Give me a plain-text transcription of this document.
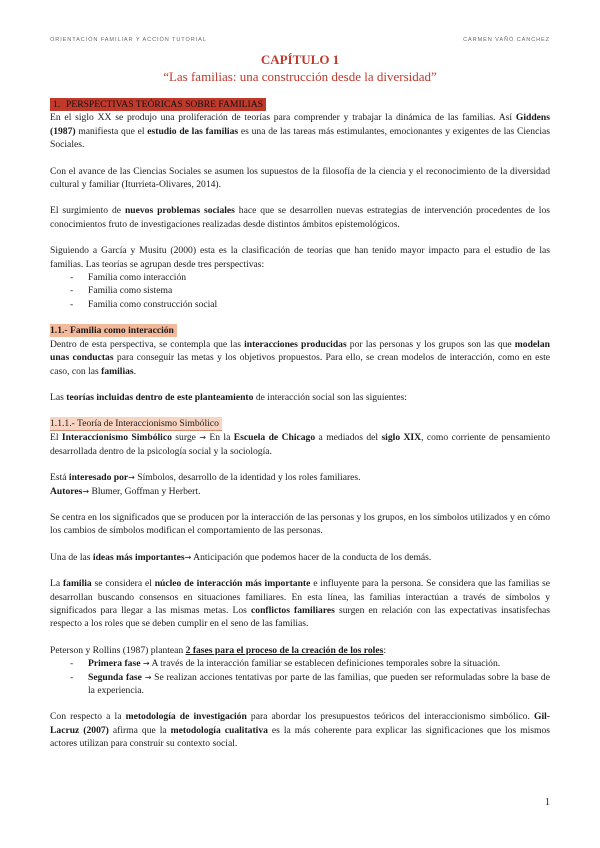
ORIENTACIÓN FAMILIAR Y ACCIÓN TUTORIAL	CARMEN VAÑÓ CÁNCHEZ

CAPÍTULO 1

“Las familias: una construcción desde la diversidad”

1. PERSPECTIVAS TEÓRICAS SOBRE FAMILIAS

En el siglo XX se produjo una proliferación de teorías para comprender y trabajar la dinámica de las familias. Así Giddens (1987) manifiesta que el estudio de las familias es una de las tareas más estimulantes, emocionantes y exigentes de las Ciencias Sociales.

Con el avance de las Ciencias Sociales se asumen los supuestos de la filosofía de la ciencia y el reconocimiento de la diversidad cultural y familiar (Iturrieta-Olivares, 2014).

El surgimiento de nuevos problemas sociales hace que se desarrollen nuevas estrategias de intervención procedentes de los conocimientos fruto de investigaciones realizadas desde distintos ámbitos epistemológicos.

Siguiendo a García y Musitu (2000) esta es la clasificación de teorías que han tenido mayor impacto para el estudio de las familias. Las teorías se agrupan desde tres perspectivas:

- Familia como interacción
- Familia como sistema
- Familia como construcción social
1.1.- Familia como interacción

Dentro de esta perspectiva, se contempla que las interacciones producidas por las personas y los grupos son las que modelan unas conductas para conseguir las metas y los objetivos propuestos. Para ello, se crean modelos de interacción, como en este caso, con las familias.

Las teorías incluidas dentro de este planteamiento de interacción social son las siguientes:

1.1.1.- Teoría de Interaccionismo Simbólico

El Interaccionismo Simbólico surge → En la Escuela de Chicago a mediados del siglo XIX, como corriente de pensamiento desarrollada dentro de la psicología social y la sociología.

Está interesado por→ Símbolos, desarrollo de la identidad y los roles familiares.
Autores→ Blumer, Goffman y Herbert.

Se centra en los significados que se producen por la interacción de las personas y los grupos, en los símbolos utilizados y en cómo los cambios de símbolos modifican el comportamiento de las personas.

Una de las ideas más importantes→ Anticipación que podemos hacer de la conducta de los demás.

La familia se considera el núcleo de interacción más importante e influyente para la persona. Se considera que las familias se desarrollan buscando consensos en situaciones familiares. En esta línea, las familias interactúan a través de símbolos y significados para llegar a las mismas metas. Los conflictos familiares surgen en relación con las expectativas insatisfechas respecto a los roles que se deben cumplir en el seno de las familias.

Peterson y Rollins (1987) plantean 2 fases para el proceso de la creación de los roles:

- Primera fase → A través de la interacción familiar se establecen definiciones temporales sobre la situación.
- Segunda fase → Se realizan acciones tentativas por parte de las familias, que pueden ser reformuladas sobre la base de la experiencia.

Con respecto a la metodología de investigación para abordar los presupuestos teóricos del interaccionismo simbólico. Gil-Lacruz (2007) afirma que la metodología cualitativa es la más coherente para explicar las significaciones que los mismos actores utilizan para construir su contexto social.

1
